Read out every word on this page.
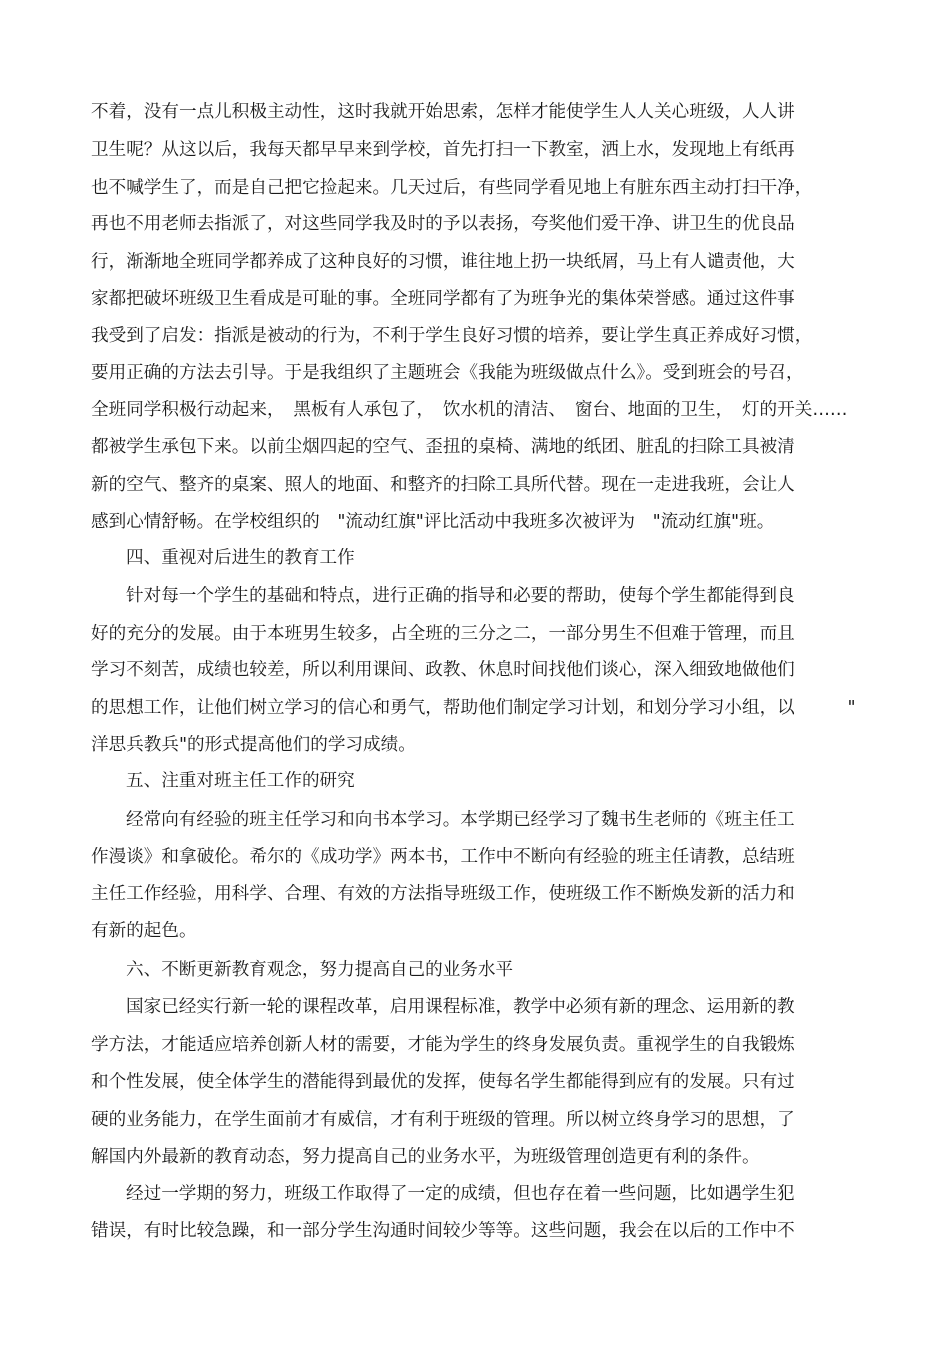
不着，没有一点儿积极主动性，这时我就开始思索，怎样才能使学生人人关心班级，人人讲
卫生呢？从这以后，我每天都早早来到学校，首先打扫一下教室，洒上水，发现地上有纸再
也不喊学生了，而是自己把它捡起来。几天过后，有些同学看见地上有脏东西主动打扫干净，
再也不用老师去指派了，对这些同学我及时的予以表扬，夸奖他们爱干净、讲卫生的优良品
行，渐渐地全班同学都养成了这种良好的习惯，谁往地上扔一块纸屑，马上有人谴责他，大
家都把破坏班级卫生看成是可耻的事。全班同学都有了为班争光的集体荣誉感。通过这件事
我受到了启发：指派是被动的行为，不利于学生良好习惯的培养，要让学生真正养成好习惯，
要用正确的方法去引导。于是我组织了主题班会《我能为班级做点什么》。受到班会的号召，
全班同学积极行动起来，　黑板有人承包了，　饮水机的清洁、　窗台、地面的卫生，　灯的开关……
都被学生承包下来。以前尘烟四起的空气、歪扭的桌椅、满地的纸团、脏乱的扫除工具被清
新的空气、整齐的桌案、照人的地面、和整齐的扫除工具所代替。现在一走进我班，会让人
感到心情舒畅。在学校组织的　"流动红旗"评比活动中我班多次被评为　"流动红旗"班。
四、重视对后进生的教育工作
针对每一个学生的基础和特点，进行正确的指导和必要的帮助，使每个学生都能得到良
好的充分的发展。由于本班男生较多，占全班的三分之二，一部分男生不但难于管理，而且
学习不刻苦，成绩也较差，所以利用课间、政教、休息时间找他们谈心，深入细致地做他们
的思想工作，让他们树立学习的信心和勇气，帮助他们制定学习计划，和划分学习小组，以　　　"
洋思兵教兵"的形式提高他们的学习成绩。
五、注重对班主任工作的研究
经常向有经验的班主任学习和向书本学习。本学期已经学习了魏书生老师的《班主任工
作漫谈》和拿破伦。希尔的《成功学》两本书，工作中不断向有经验的班主任请教，总结班
主任工作经验，用科学、合理、有效的方法指导班级工作，使班级工作不断焕发新的活力和
有新的起色。
六、不断更新教育观念，努力提高自己的业务水平
国家已经实行新一轮的课程改革，启用课程标准，教学中必须有新的理念、运用新的教
学方法，才能适应培养创新人材的需要，才能为学生的终身发展负责。重视学生的自我锻炼
和个性发展，使全体学生的潜能得到最优的发挥，使每名学生都能得到应有的发展。只有过
硬的业务能力，在学生面前才有威信，才有利于班级的管理。所以树立终身学习的思想，了
解国内外最新的教育动态，努力提高自己的业务水平，为班级管理创造更有利的条件。
经过一学期的努力，班级工作取得了一定的成绩，但也存在着一些问题，比如遇学生犯
错误，有时比较急躁，和一部分学生沟通时间较少等等。这些问题，我会在以后的工作中不
